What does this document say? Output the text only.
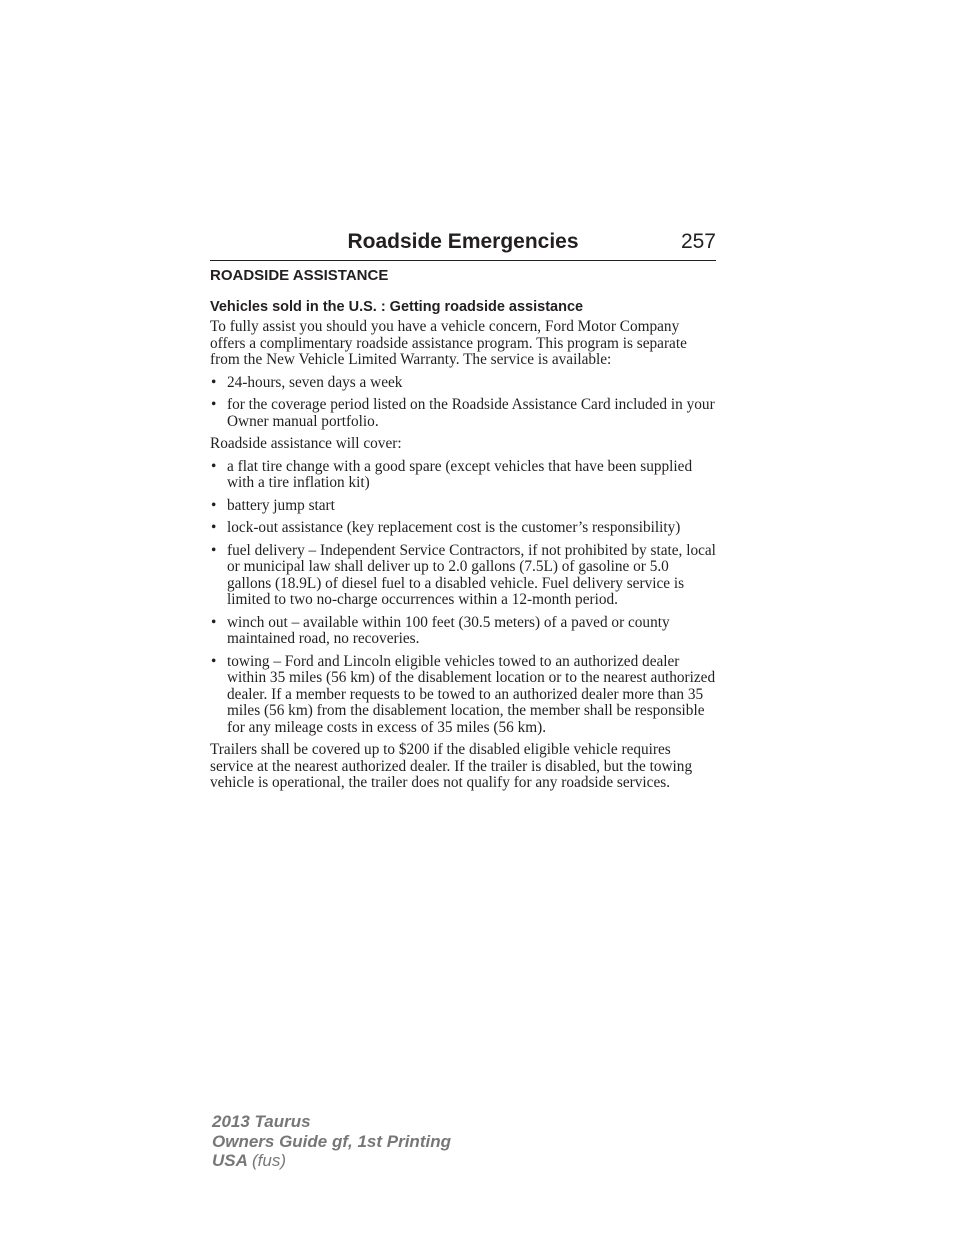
Roadside Emergencies	257
ROADSIDE ASSISTANCE
Vehicles sold in the U.S. : Getting roadside assistance

To fully assist you should you have a vehicle concern, Ford Motor Company offers a complimentary roadside assistance program. This program is separate from the New Vehicle Limited Warranty. The service is available:

• 24-hours, seven days a week
• for the coverage period listed on the Roadside Assistance Card included in your Owner manual portfolio.

Roadside assistance will cover:

• a flat tire change with a good spare (except vehicles that have been supplied with a tire inflation kit)
• battery jump start
• lock-out assistance (key replacement cost is the customer’s responsibility)
• fuel delivery – Independent Service Contractors, if not prohibited by state, local or municipal law shall deliver up to 2.0 gallons (7.5L) of gasoline or 5.0 gallons (18.9L) of diesel fuel to a disabled vehicle. Fuel delivery service is limited to two no-charge occurrences within a 12-month period.
• winch out – available within 100 feet (30.5 meters) of a paved or county maintained road, no recoveries.
• towing – Ford and Lincoln eligible vehicles towed to an authorized dealer within 35 miles (56 km) of the disablement location or to the nearest authorized dealer. If a member requests to be towed to an authorized dealer more than 35 miles (56 km) from the disablement location, the member shall be responsible for any mileage costs in excess of 35 miles (56 km).

Trailers shall be covered up to $200 if the disabled eligible vehicle requires service at the nearest authorized dealer. If the trailer is disabled, but the towing vehicle is operational, the trailer does not qualify for any roadside services.

2013 Taurus
Owners Guide gf, 1st Printing
USA (fus)
